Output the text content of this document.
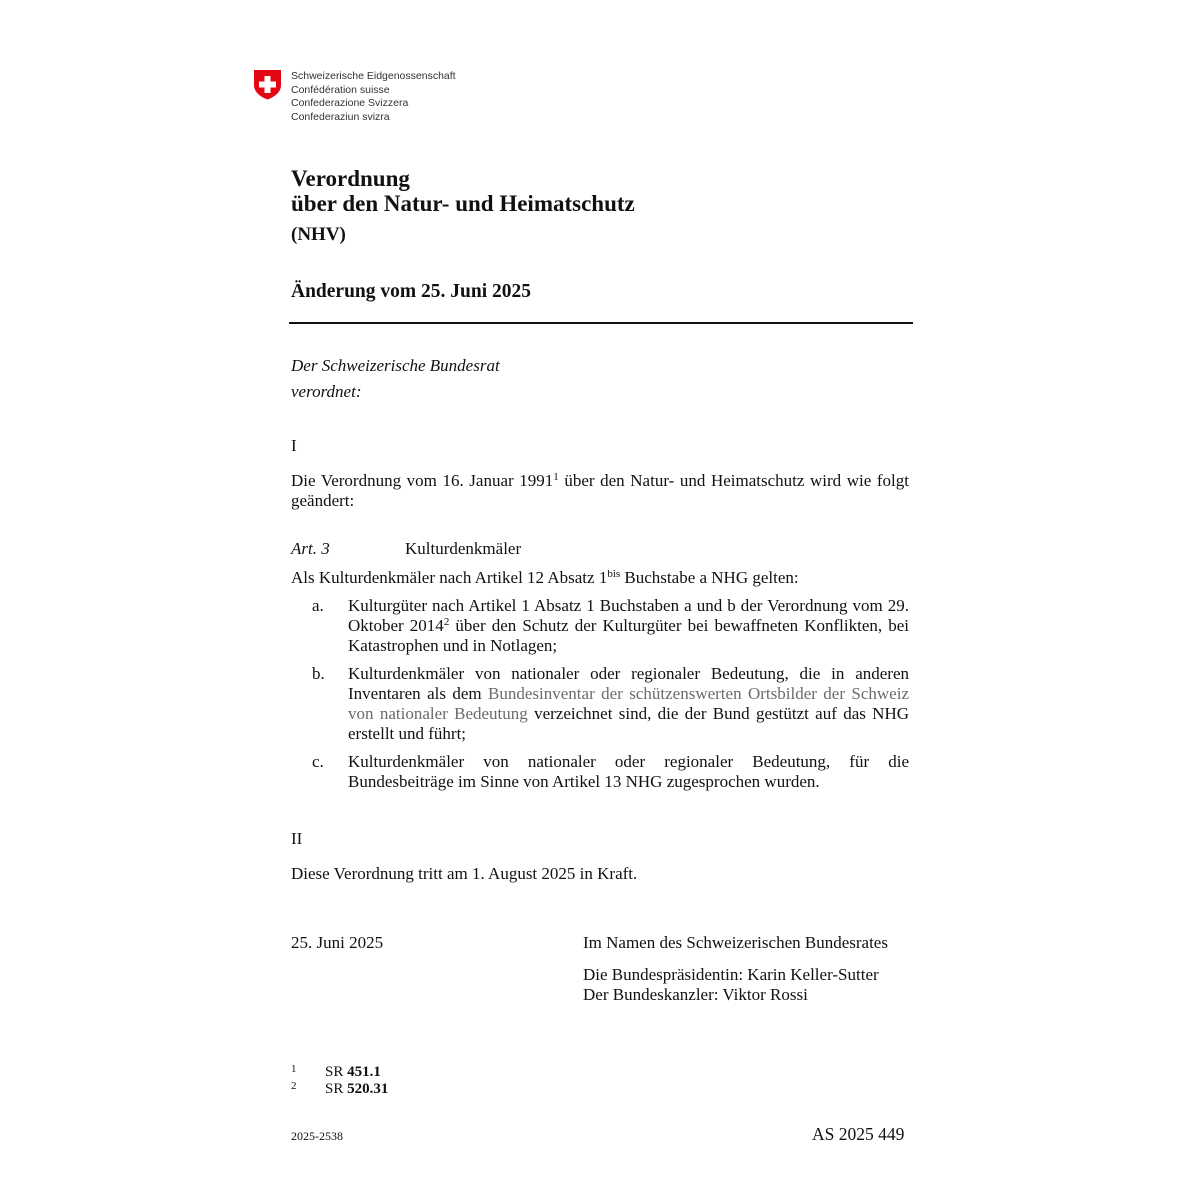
Schweizerische Eidgenossenschaft
Confédération suisse
Confederazione Svizzera
Confederaziun svizra
Verordnung
über den Natur- und Heimatschutz
(NHV)
Änderung vom 25. Juni 2025
Der Schweizerische Bundesrat
verordnet:
I
Die Verordnung vom 16. Januar 1991$^1$ über den Natur- und Heimatschutz wird wie folgt geändert:
Art. 3	Kulturdenkmäler
Als Kulturdenkmäler nach Artikel 12 Absatz $1^{bis}$ Buchstabe a NHG gelten:
a. Kulturgüter nach Artikel 1 Absatz 1 Buchstaben a und b der Verordnung vom 29. Oktober 2014$^2$ über den Schutz der Kulturgüter bei bewaffneten Konflikten, bei Katastrophen und in Notlagen;
b. Kulturdenkmäler von nationaler oder regionaler Bedeutung, die in anderen Inventaren als dem Bundesinventar der schützenswerten Ortsbilder der Schweiz von nationaler Bedeutung verzeichnet sind, die der Bund gestützt auf das NHG erstellt und führt;
c. Kulturdenkmäler von nationaler oder regionaler Bedeutung, für die Bundesbeiträge im Sinne von Artikel 13 NHG zugesprochen wurden.
II
Diese Verordnung tritt am 1. August 2025 in Kraft.
25. Juni 2025	Im Namen des Schweizerischen Bundesrates
Die Bundespräsidentin: Karin Keller-Sutter
Der Bundeskanzler: Viktor Rossi
1 SR 451.1
2 SR 520.31
2025-2538	AS 2025 449
